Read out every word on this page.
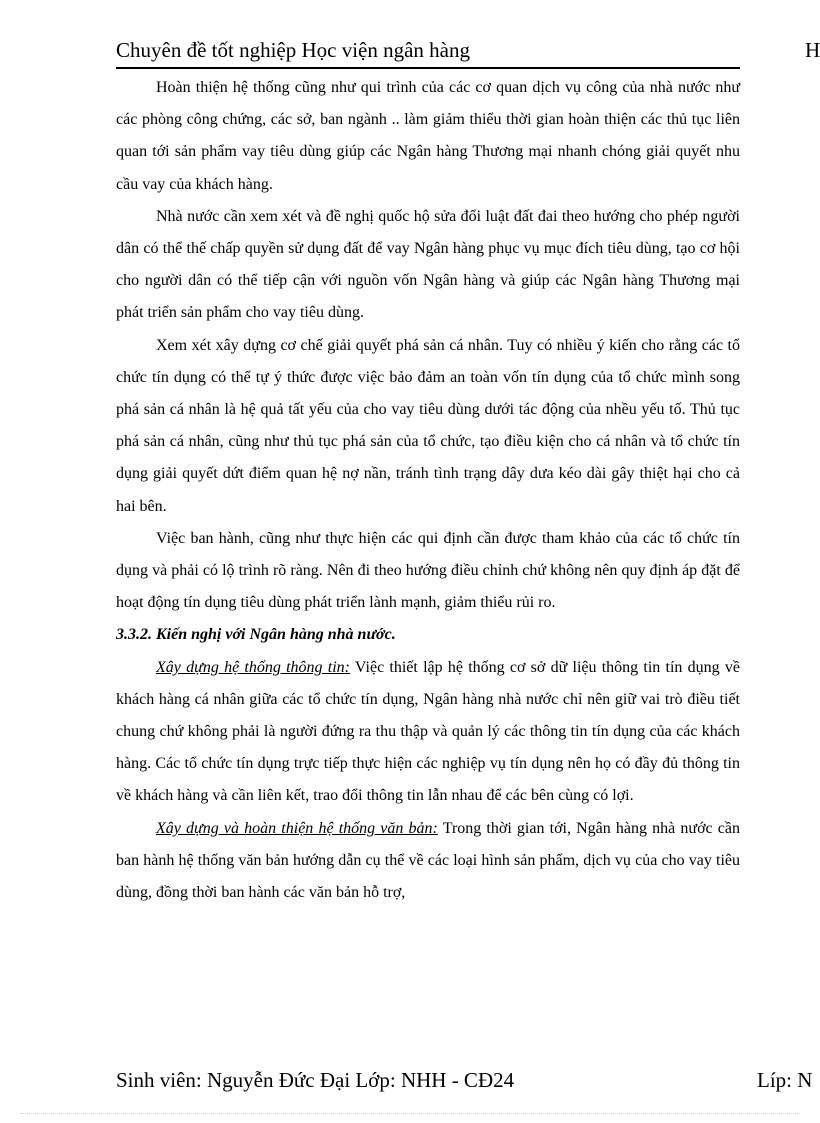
Chuyên đề tốt nghiệp Học viện ngân hàng	H

Hoàn thiện hệ thống cũng như qui trình của các cơ quan dịch vụ công của nhà nước như các phòng công chứng, các sở, ban ngành .. làm giảm thiểu thời gian hoàn thiện các thủ tục liên quan tới sản phẩm vay tiêu dùng giúp các Ngân hàng Thương mại nhanh chóng giải quyết nhu cầu vay của khách hàng.

Nhà nước cần xem xét và đề nghị quốc hộ sửa đổi luật đất đai theo hướng cho phép người dân có thể thế chấp quyền sử dụng đất để vay Ngân hàng phục vụ mục đích tiêu dùng, tạo cơ hội cho người dân có thể tiếp cận với nguồn vốn Ngân hàng và giúp các Ngân hàng Thương mại phát triển sản phẩm cho vay tiêu dùng.

Xem xét xây dựng cơ chế giải quyết phá sản cá nhân. Tuy có nhiều ý kiến cho rằng các tổ chức tín dụng có thể tự ý thức được việc bảo đảm an toàn vốn tín dụng của tổ chức mình song phá sản cá nhân là hệ quả tất yếu của cho vay tiêu dùng dưới tác động của nhều yếu tố. Thủ tục phá sản cá nhân, cũng như thủ tục phá sản của tổ chức, tạo điều kiện cho cá nhân và tổ chức tín dụng giải quyết dứt điểm quan hệ nợ nần, tránh tình trạng dây dưa kéo dài gây thiệt hại cho cả hai bên.

Việc ban hành, cũng như thực hiện các qui định cần được tham khảo của các tổ chức tín dụng và phải có lộ trình rõ ràng. Nên đi theo hướng điều chỉnh chứ không nên quy định áp đặt để hoạt động tín dụng tiêu dùng phát triển lành mạnh, giảm thiểu rủi ro.

3.3.2. Kiến nghị với Ngân hàng nhà nước.

Xây dựng hệ thống thông tin: Việc thiết lập hệ thống cơ sở dữ liệu thông tin tín dụng về khách hàng cá nhân giữa các tổ chức tín dụng, Ngân hàng nhà nước chỉ nên giữ vai trò điều tiết chung chứ không phải là người đứng ra thu thập và quản lý các thông tin tín dụng của các khách hàng. Các tổ chức tín dụng trực tiếp thực hiện các nghiệp vụ tín dụng nên họ có đầy đủ thông tin về khách hàng và cần liên kết, trao đổi thông tin lẫn nhau để các bên cùng có lợi.

Xây dựng và hoàn thiện hệ thống văn bản: Trong thời gian tới, Ngân hàng nhà nước cần ban hành hệ thống văn bản hướng dẫn cụ thể về các loại hình sản phẩm, dịch vụ của cho vay tiêu dùng, đồng thời ban hành các văn bản hỗ trợ,

Sinh viên: Nguyễn Đức Đại Lớp: NHH - CĐ24	Líp: N
